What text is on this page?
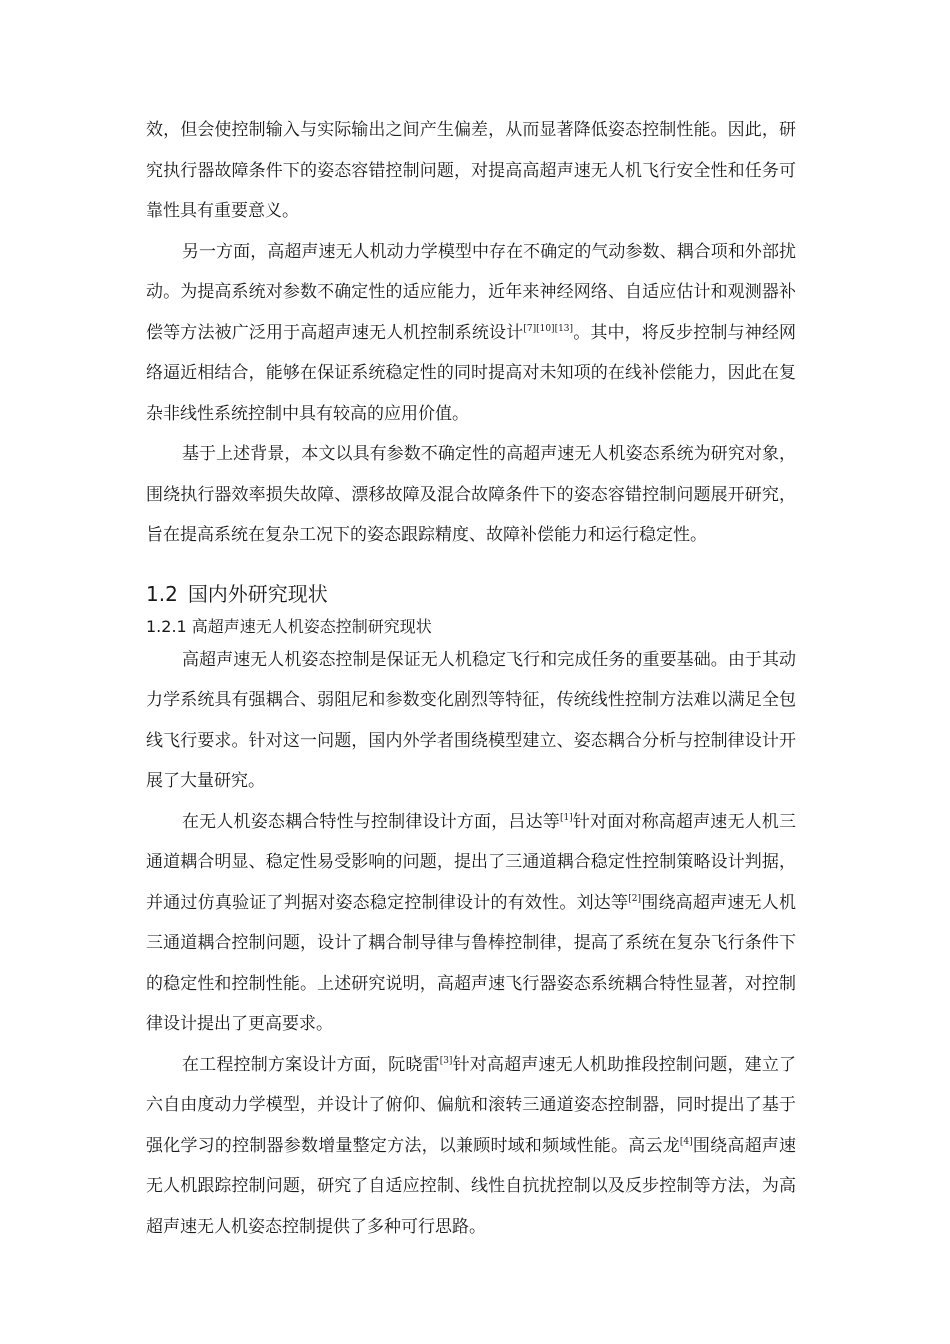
效，但会使控制输入与实际输出之间产生偏差，从而显著降低姿态控制性能。因此，研究执行器故障条件下的姿态容错控制问题，对提高高超声速无人机飞行安全性和任务可靠性具有重要意义。

另一方面，高超声速无人机动力学模型中存在不确定的气动参数、耦合项和外部扰动。为提高系统对参数不确定性的适应能力，近年来神经网络、自适应估计和观测器补偿等方法被广泛用于高超声速无人机控制系统设计[7][10][13]。其中，将反步控制与神经网络逼近相结合，能够在保证系统稳定性的同时提高对未知项的在线补偿能力，因此在复杂非线性系统控制中具有较高的应用价值。

基于上述背景，本文以具有参数不确定性的高超声速无人机姿态系统为研究对象，围绕执行器效率损失故障、漂移故障及混合故障条件下的姿态容错控制问题展开研究，旨在提高系统在复杂工况下的姿态跟踪精度、故障补偿能力和运行稳定性。

1.2 国内外研究现状
1.2.1 高超声速无人机姿态控制研究现状

高超声速无人机姿态控制是保证无人机稳定飞行和完成任务的重要基础。由于其动力学系统具有强耦合、弱阻尼和参数变化剧烈等特征，传统线性控制方法难以满足全包线飞行要求。针对这一问题，国内外学者围绕模型建立、姿态耦合分析与控制律设计开展了大量研究。

在无人机姿态耦合特性与控制律设计方面，吕达等[1]针对面对称高超声速无人机三通道耦合明显、稳定性易受影响的问题，提出了三通道耦合稳定性控制策略设计判据，并通过仿真验证了判据对姿态稳定控制律设计的有效性。刘达等[2]围绕高超声速无人机三通道耦合控制问题，设计了耦合制导律与鲁棒控制律，提高了系统在复杂飞行条件下的稳定性和控制性能。上述研究说明，高超声速飞行器姿态系统耦合特性显著，对控制律设计提出了更高要求。

在工程控制方案设计方面，阮晓雷[3]针对高超声速无人机助推段控制问题，建立了六自由度动力学模型，并设计了俯仰、偏航和滚转三通道姿态控制器，同时提出了基于强化学习的控制器参数增量整定方法，以兼顾时域和频域性能。高云龙[4]围绕高超声速无人机跟踪控制问题，研究了自适应控制、线性自抗扰控制以及反步控制等方法，为高超声速无人机姿态控制提供了多种可行思路。
